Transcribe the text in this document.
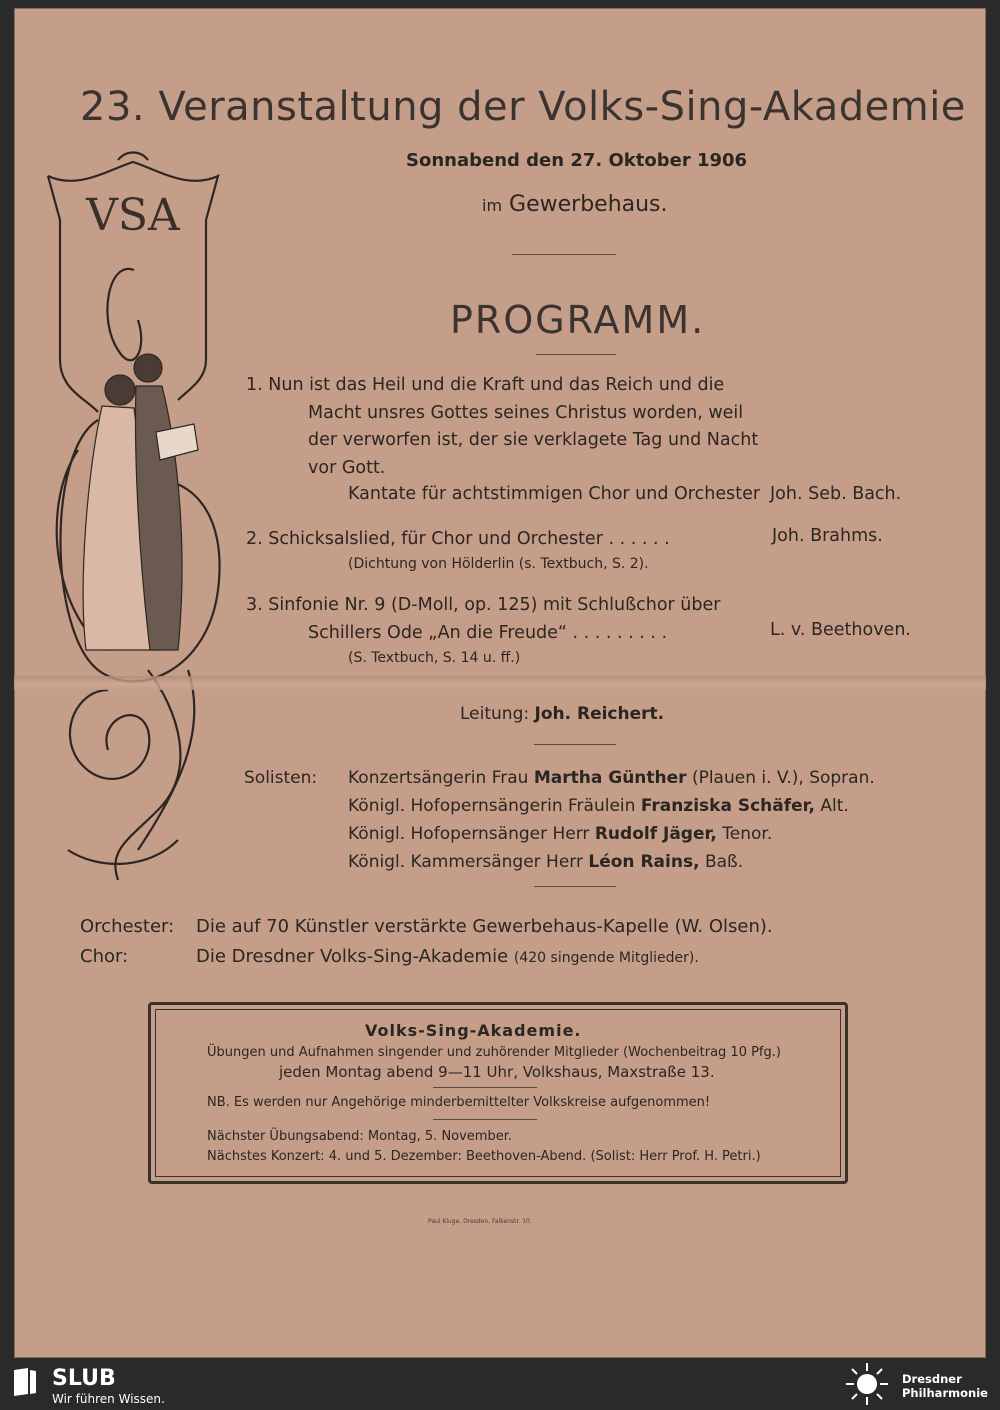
23. Veranstaltung der Volks-Sing-Akademie
Sonnabend den 27. Oktober 1906
im Gewerbehaus.
VSA
PROGRAMM.
1. Nun ist das Heil und die Kraft und das Reich und die
Macht unsres Gottes seines Christus worden, weil
der verworfen ist, der sie verklagete Tag und Nacht
vor Gott.
Kantate für achtstimmigen Chor und Orchester Joh. Seb. Bach.
2. Schicksalslied, für Chor und Orchester . . . . . .	Joh. Brahms.
(Dichtung von Hölderlin (s. Textbuch, S. 2).
3. Sinfonie Nr. 9 (D-Moll, op. 125) mit Schlußchor über
Schillers Ode „An die Freude“ . . . . . . . . .	L. v. Beethoven.
(S. Textbuch, S. 14 u. ff.)
Leitung: Joh. Reichert.
Solisten: Konzertsängerin Frau Martha Günther (Plauen i. V.), Sopran.
Königl. Hofopernsängerin Fräulein Franziska Schäfer, Alt.
Königl. Hofopernsänger Herr Rudolf Jäger, Tenor.
Königl. Kammersänger Herr Léon Rains, Baß.
Orchester: Die auf 70 Künstler verstärkte Gewerbehaus-Kapelle (W. Olsen).
Chor:	Die Dresdner Volks-Sing-Akademie (420 singende Mitglieder).
Volks-Sing-Akademie.
Übungen und Aufnahmen singender und zuhörender Mitglieder (Wochenbeitrag 10 Pfg.)
jeden Montag abend 9—11 Uhr, Volkshaus, Maxstraße 13.
NB. Es werden nur Angehörige minderbemittelter Volkskreise aufgenommen!
Nächster Übungsabend: Montag, 5. November.
Nächstes Konzert: 4. und 5. Dezember: Beethoven-Abend. (Solist: Herr Prof. H. Petri.)
Paul Kluge, Dresden, Falkenstr. 10.
SLUB
Wir führen Wissen.
Dresdner
Philharmonie
